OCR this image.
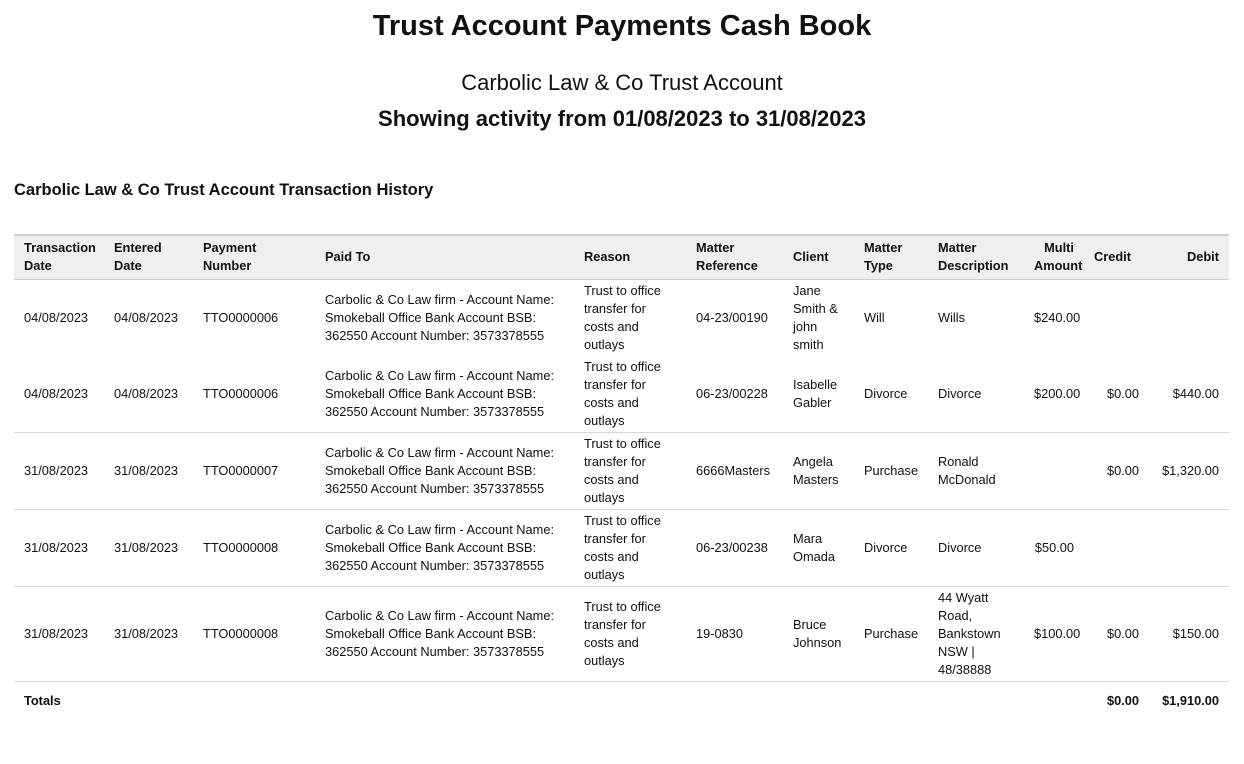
Trust Account Payments Cash Book
Carbolic Law & Co Trust Account
Showing activity from 01/08/2023 to 31/08/2023
Carbolic Law & Co Trust Account Transaction History
Transaction Date	Entered Date	Payment Number	Paid To	Reason	Matter Reference	Client	Matter Type	Matter Description	Multi Amount	Credit	Debit
04/08/2023	04/08/2023	TTO0000006	Carbolic & Co Law firm - Account Name: Smokeball Office Bank Account BSB: 362550 Account Number: 3573378555	Trust to office transfer for costs and outlays	04-23/00190	Jane Smith & john smith	Will	Wills	$240.00		
04/08/2023	04/08/2023	TTO0000006	Carbolic & Co Law firm - Account Name: Smokeball Office Bank Account BSB: 362550 Account Number: 3573378555	Trust to office transfer for costs and outlays	06-23/00228	Isabelle Gabler	Divorce	Divorce	$200.00	$0.00	$440.00
31/08/2023	31/08/2023	TTO0000007	Carbolic & Co Law firm - Account Name: Smokeball Office Bank Account BSB: 362550 Account Number: 3573378555	Trust to office transfer for costs and outlays	6666Masters	Angela Masters	Purchase	Ronald McDonald		$0.00	$1,320.00
31/08/2023	31/08/2023	TTO0000008	Carbolic & Co Law firm - Account Name: Smokeball Office Bank Account BSB: 362550 Account Number: 3573378555	Trust to office transfer for costs and outlays	06-23/00238	Mara Omada	Divorce	Divorce	$50.00		
31/08/2023	31/08/2023	TTO0000008	Carbolic & Co Law firm - Account Name: Smokeball Office Bank Account BSB: 362550 Account Number: 3573378555	Trust to office transfer for costs and outlays	19-0830	Bruce Johnson	Purchase	44 Wyatt Road, Bankstown NSW | 48/38888	$100.00	$0.00	$150.00
Totals										$0.00	$1,910.00
